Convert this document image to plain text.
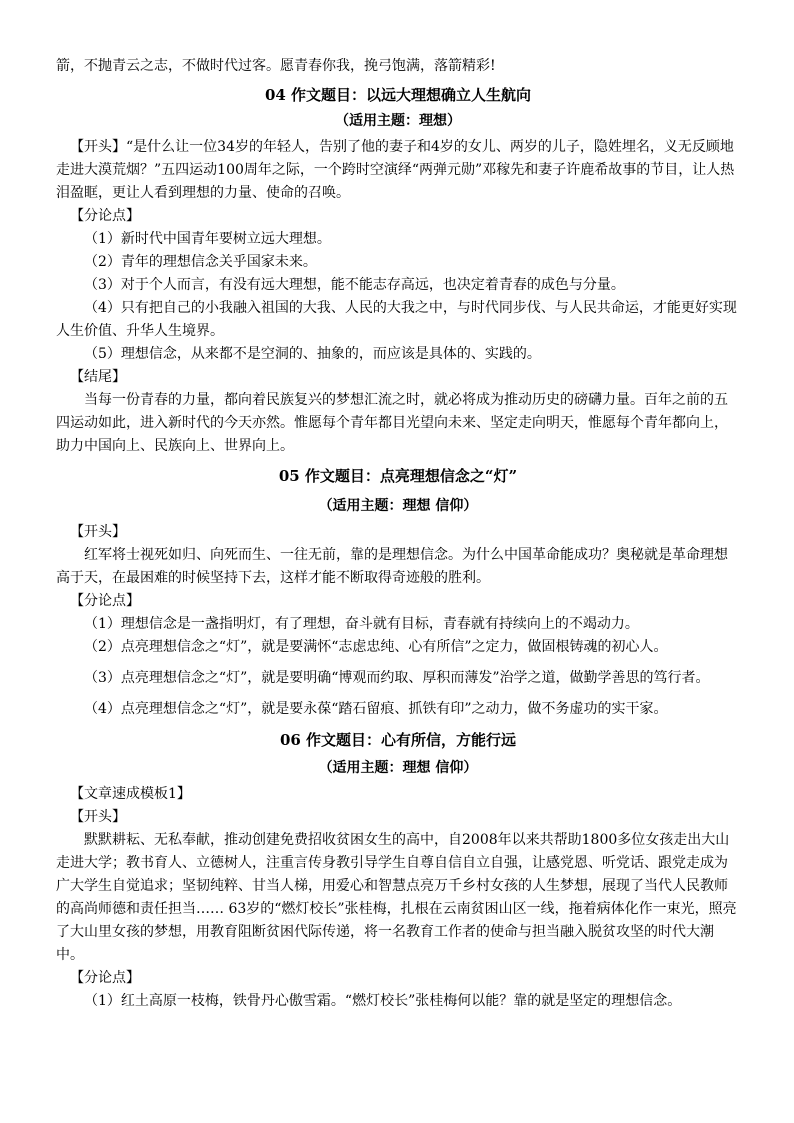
箭，不抛青云之志，不做时代过客。愿青春你我，挽弓饱满，落箭精彩!

04 作文题目：以远大理想确立人生航向

（适用主题：理想）

【开头】“是什么让一位34岁的年轻人，告别了他的妻子和4岁的女儿、两岁的儿子，隐姓埋名，义无反顾地走进大漠荒烟？”五四运动100周年之际，一个跨时空演绎“两弹元勋”邓稼先和妻子许鹿希故事的节目，让人热泪盈眶，更让人看到理想的力量、使命的召唤。

【分论点】

（1）新时代中国青年要树立远大理想。

（2）青年的理想信念关乎国家未来。

（3）对于个人而言，有没有远大理想，能不能志存高远，也决定着青春的成色与分量。

（4）只有把自己的小我融入祖国的大我、人民的大我之中，与时代同步伐、与人民共命运，才能更好实现人生价值、升华人生境界。

（5）理想信念，从来都不是空洞的、抽象的，而应该是具体的、实践的。

【结尾】

当每一份青春的力量，都向着民族复兴的梦想汇流之时，就必将成为推动历史的磅礴力量。百年之前的五四运动如此，进入新时代的今天亦然。惟愿每个青年都目光望向未来、坚定走向明天，惟愿每个青年都向上，助力中国向上、民族向上、世界向上。

05 作文题目：点亮理想信念之“灯”

（适用主题：理想 信仰）

【开头】

红军将士视死如归、向死而生、一往无前，靠的是理想信念。为什么中国革命能成功？奥秘就是革命理想高于天，在最困难的时候坚持下去，这样才能不断取得奇迹般的胜利。

【分论点】

（1）理想信念是一盏指明灯，有了理想，奋斗就有目标，青春就有持续向上的不竭动力。

（2）点亮理想信念之“灯”，就是要满怀“志虑忠纯、心有所信”之定力，做固根铸魂的初心人。

（3）点亮理想信念之“灯”，就是要明确“博观而约取、厚积而薄发”治学之道，做勤学善思的笃行者。

（4）点亮理想信念之“灯”，就是要永葆“踏石留痕、抓铁有印”之动力，做不务虚功的实干家。

06 作文题目：心有所信，方能行远

（适用主题：理想 信仰）

【文章速成模板1】

【开头】

默默耕耘、无私奉献，推动创建免费招收贫困女生的高中，自2008年以来共帮助1800多位女孩走出大山走进大学；教书育人、立德树人，注重言传身教引导学生自尊自信自立自强，让感党恩、听党话、跟党走成为广大学生自觉追求；坚韧纯粹、甘当人梯，用爱心和智慧点亮万千乡村女孩的人生梦想，展现了当代人民教师的高尚师德和责任担当…… 63岁的“燃灯校长”张桂梅，扎根在云南贫困山区一线，拖着病体化作一束光，照亮了大山里女孩的梦想，用教育阻断贫困代际传递，将一名教育工作者的使命与担当融入脱贫攻坚的时代大潮中。

【分论点】

（1）红土高原一枝梅，铁骨丹心傲雪霜。“燃灯校长”张桂梅何以能？靠的就是坚定的理想信念。
